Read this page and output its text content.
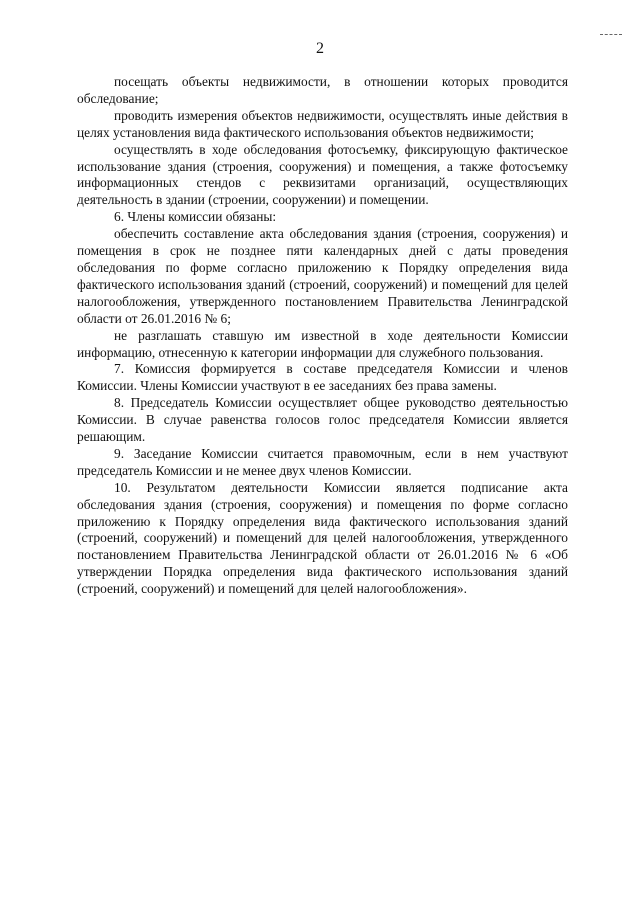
2

посещать объекты недвижимости, в отношении которых проводится обследование;

проводить измерения объектов недвижимости, осуществлять иные действия в целях установления вида фактического использования объектов недвижимости;

осуществлять в ходе обследования фотосъемку, фиксирующую фактическое использование здания (строения, сооружения) и помещения, а также фотосъемку информационных стендов с реквизитами организаций, осуществляющих деятельность в здании (строении, сооружении) и помещении.

6. Члены комиссии обязаны:

обеспечить составление акта обследования здания (строения, сооружения) и помещения в срок не позднее пяти календарных дней с даты проведения обследования по форме согласно приложению к Порядку определения вида фактического использования зданий (строений, сооружений) и помещений для целей налогообложения, утвержденного постановлением Правительства Ленинградской области от 26.01.2016 № 6;

не разглашать ставшую им известной в ходе деятельности Комиссии информацию, отнесенную к категории информации для служебного пользования.

7. Комиссия формируется в составе председателя Комиссии и членов Комиссии. Члены Комиссии участвуют в ее заседаниях без права замены.

8. Председатель Комиссии осуществляет общее руководство деятельностью Комиссии. В случае равенства голосов голос председателя Комиссии является решающим.

9. Заседание Комиссии считается правомочным, если в нем участвуют председатель Комиссии и не менее двух членов Комиссии.

10. Результатом деятельности Комиссии является подписание акта обследования здания (строения, сооружения) и помещения по форме согласно приложению к Порядку определения вида фактического использования зданий (строений, сооружений) и помещений для целей налогообложения, утвержденного постановлением Правительства Ленинградской области от 26.01.2016 № 6 «Об утверждении Порядка определения вида фактического использования зданий (строений, сооружений) и помещений для целей налогообложения».
